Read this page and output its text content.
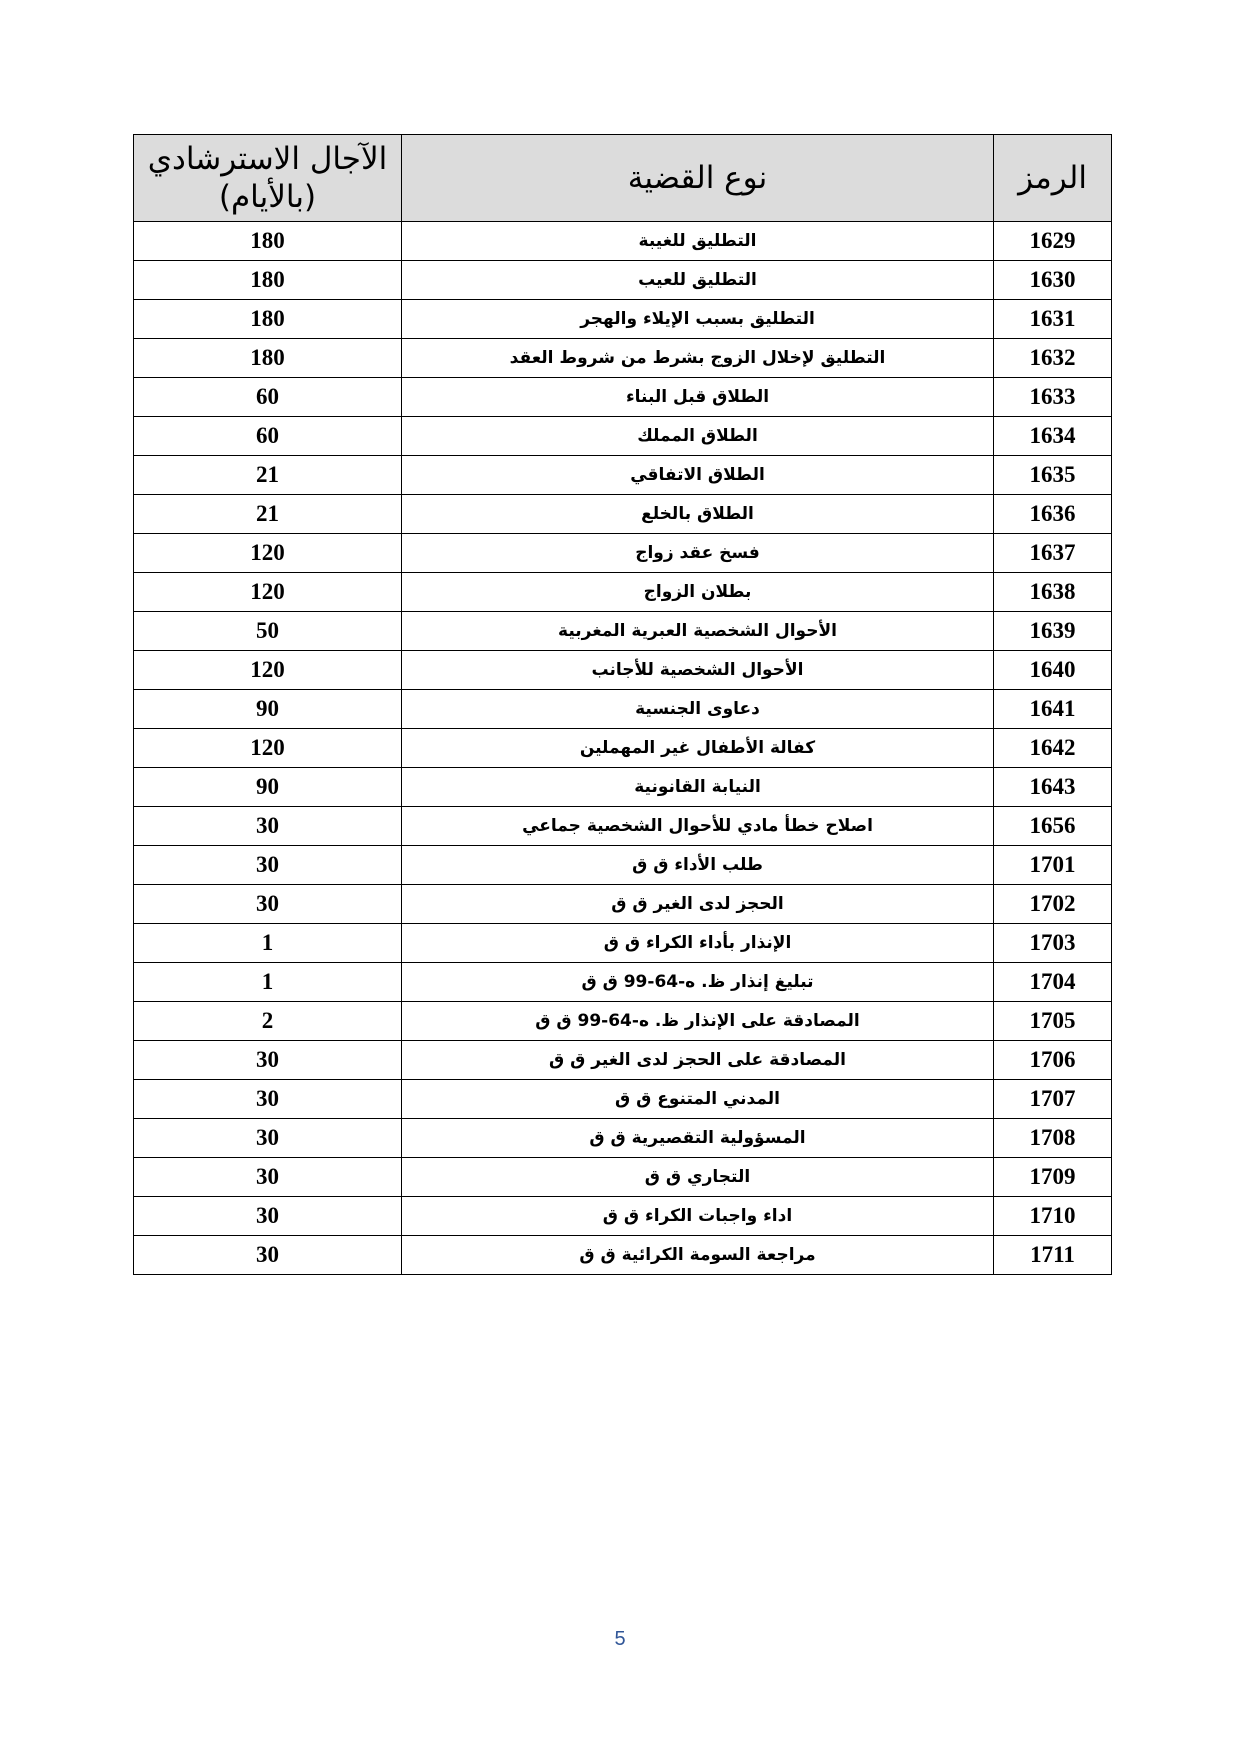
الرمز	نوع القضية	الآجال الاسترشادي (بالأيام)
1629	التطليق للغيبة	180
1630	التطليق للعيب	180
1631	التطليق بسبب الإيلاء والهجر	180
1632	التطليق لإخلال الزوج بشرط من شروط العقد	180
1633	الطلاق قبل البناء	60
1634	الطلاق المملك	60
1635	الطلاق الاتفاقي	21
1636	الطلاق بالخلع	21
1637	فسخ عقد زواج	120
1638	بطلان الزواج	120
1639	الأحوال الشخصية العبرية المغربية	50
1640	الأحوال الشخصية للأجانب	120
1641	دعاوى الجنسية	90
1642	كفالة الأطفال غير المهملين	120
1643	النيابة القانونية	90
1656	اصلاح خطأ مادي للأحوال الشخصية جماعي	30
1701	طلب الأداء ق ق	30
1702	الحجز لدى الغير ق ق	30
1703	الإنذار بأداء الكراء ق ق	1
1704	تبليغ إنذار ظ. ه-64-99 ق ق	1
1705	المصادقة على الإنذار ظ. ه-64-99 ق ق	2
1706	المصادقة على الحجز لدى الغير ق ق	30
1707	المدني المتنوع ق ق	30
1708	المسؤولية التقصيرية ق ق	30
1709	التجاري ق ق	30
1710	اداء واجبات الكراء ق ق	30
1711	مراجعة السومة الكرائية ق ق	30
5
